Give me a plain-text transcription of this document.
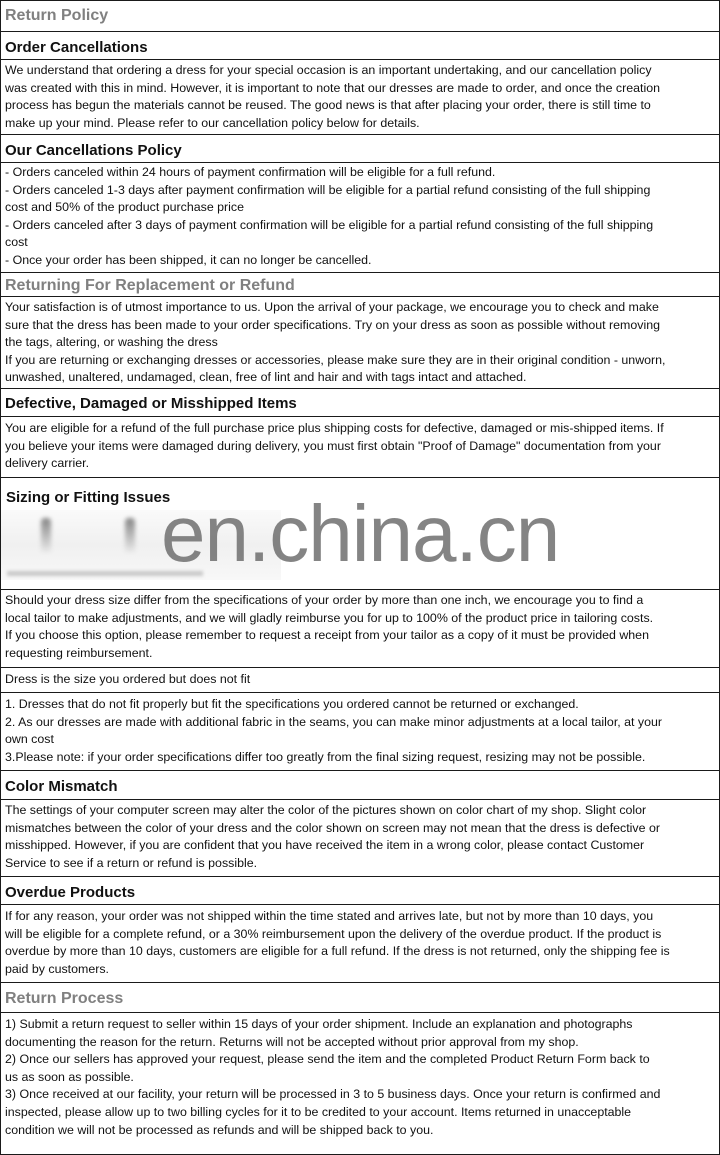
Return Policy
Order Cancellations
We understand that ordering a dress for your special occasion is an important undertaking, and our cancellation policy
was created with this in mind. However, it is important to note that our dresses are made to order, and once the creation
process has begun the materials cannot be reused. The good news is that after placing your order, there is still time to
make up your mind. Please refer to our cancellation policy below for details.
Our Cancellations Policy
- Orders canceled within 24 hours of payment confirmation will be eligible for a full refund.
- Orders canceled 1-3 days after payment confirmation will be eligible for a partial refund consisting of the full shipping
cost and 50% of the product purchase price
- Orders canceled after 3 days of payment confirmation will be eligible for a partial refund consisting of the full shipping
cost
- Once your order has been shipped, it can no longer be cancelled.
Returning For Replacement or Refund
Your satisfaction is of utmost importance to us. Upon the arrival of your package, we encourage you to check and make
sure that the dress has been made to your order specifications. Try on your dress as soon as possible without removing
the tags, altering, or washing the dress
If you are returning or exchanging dresses or accessories, please make sure they are in their original condition - unworn,
unwashed, unaltered, undamaged, clean, free of lint and hair and with tags intact and attached.
Defective, Damaged or Misshipped Items
You are eligible for a refund of the full purchase price plus shipping costs for defective, damaged or mis-shipped items. If
you believe your items were damaged during delivery, you must first obtain "Proof of Damage" documentation from your
delivery carrier.
Sizing or Fitting Issues
en.china.cn
Should your dress size differ from the specifications of your order by more than one inch, we encourage you to find a
local tailor to make adjustments, and we will gladly reimburse you for up to 100% of the product price in tailoring costs.
If you choose this option, please remember to request a receipt from your tailor as a copy of it must be provided when
requesting reimbursement.
Dress is the size you ordered but does not fit
1. Dresses that do not fit properly but fit the specifications you ordered cannot be returned or exchanged.
2. As our dresses are made with additional fabric in the seams, you can make minor adjustments at a local tailor, at your
own cost
3.Please note: if your order specifications differ too greatly from the final sizing request, resizing may not be possible.
Color Mismatch
The settings of your computer screen may alter the color of the pictures shown on color chart of my shop. Slight color
mismatches between the color of your dress and the color shown on screen may not mean that the dress is defective or
misshipped. However, if you are confident that you have received the item in a wrong color, please contact Customer
Service to see if a return or refund is possible.
Overdue Products
If for any reason, your order was not shipped within the time stated and arrives late, but not by more than 10 days, you
will be eligible for a complete refund, or a 30% reimbursement upon the delivery of the overdue product. If the product is
overdue by more than 10 days, customers are eligible for a full refund. If the dress is not returned, only the shipping fee is
paid by customers.
Return Process
1) Submit a return request to seller within 15 days of your order shipment. Include an explanation and photographs
documenting the reason for the return. Returns will not be accepted without prior approval from my shop.
2) Once our sellers has approved your request, please send the item and the completed Product Return Form back to
us as soon as possible.
3) Once received at our facility, your return will be processed in 3 to 5 business days. Once your return is confirmed and
inspected, please allow up to two billing cycles for it to be credited to your account. Items returned in unacceptable
condition we will not be processed as refunds and will be shipped back to you.
